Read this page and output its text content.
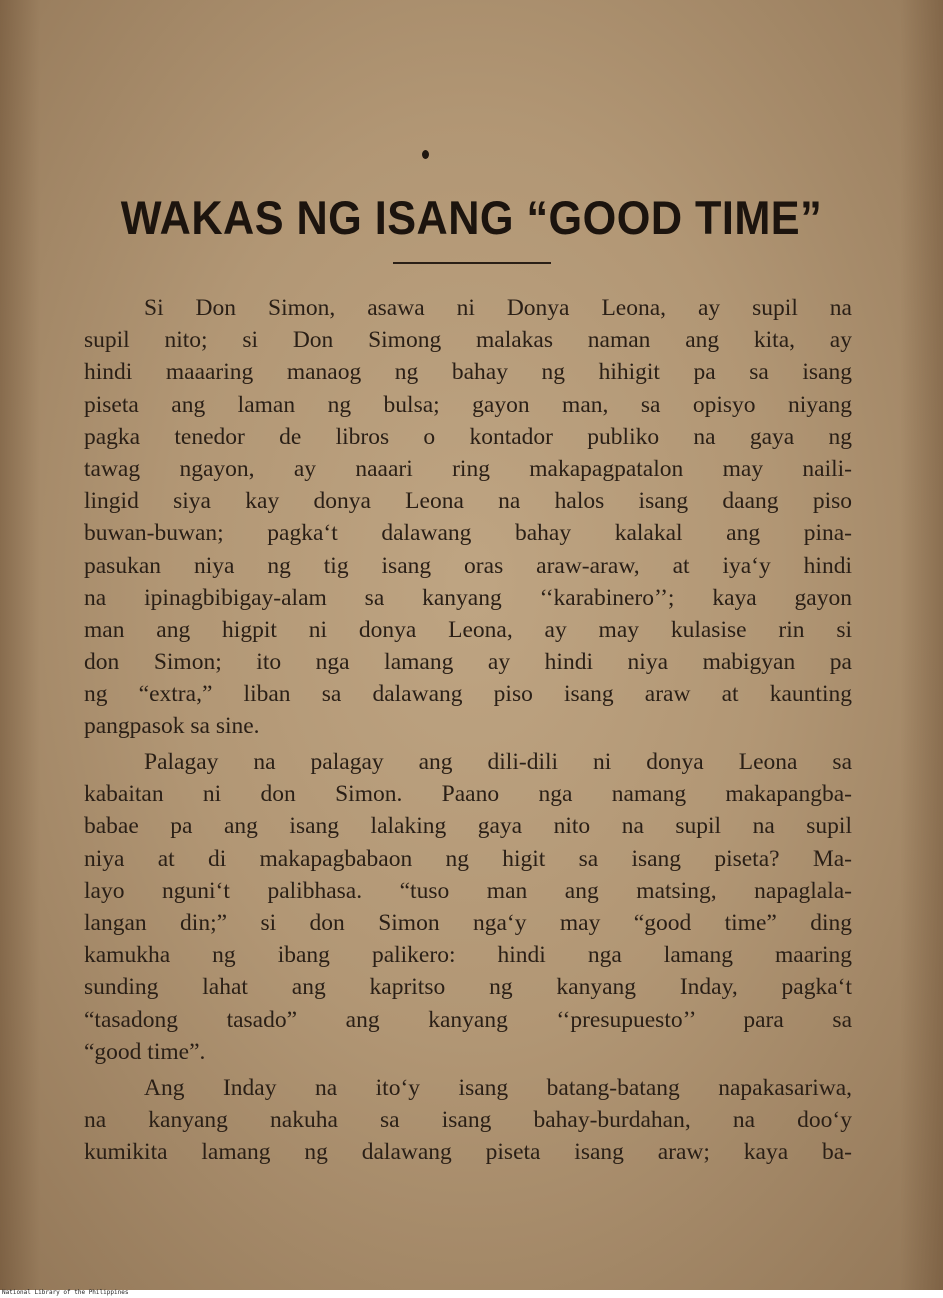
WAKAS NG ISANG “GOOD TIME”
Si Don Simon, asawa ni Donya Leona, ay supil na
supil nito; si Don Simong malakas naman ang kita, ay
hindi maaaring manaog ng bahay ng hihigit pa sa isang
piseta ang laman ng bulsa; gayon man, sa opisyo niyang
pagka tenedor de libros o kontador publiko na gaya ng
tawag ngayon, ay naaari ring makapagpatalon may naili-
lingid siya kay donya Leona na halos isang daang piso
buwan-buwan; pagka‘t dalawang bahay kalakal ang pina-
pasukan niya ng tig isang oras araw-araw, at iya‘y hindi
na ipinagbibigay-alam sa kanyang ‘‘karabinero’’; kaya gayon
man ang higpit ni donya Leona, ay may kulasise rin si
don Simon; ito nga lamang ay hindi niya mabigyan pa
ng “extra,” liban sa dalawang piso isang araw at kaunting
pangpasok sa sine.
Palagay na palagay ang dili-dili ni donya Leona sa
kabaitan ni don Simon. Paano nga namang makapangba-
babae pa ang isang lalaking gaya nito na supil na supil
niya at di makapagbabaon ng higit sa isang piseta? Ma-
layo nguni‘t palibhasa. “tuso man ang matsing, napaglala-
langan din;” si don Simon nga‘y may “good time” ding
kamukha ng ibang palikero: hindi nga lamang maaring
sunding lahat ang kapritso ng kanyang Inday, pagka‘t
“tasadong tasado” ang kanyang ‘‘presupuesto’’ para sa
“good time”.
Ang Inday na ito‘y isang batang-batang napakasariwa,
na kanyang nakuha sa isang bahay-burdahan, na doo‘y
kumikita lamang ng dalawang piseta isang araw; kaya ba-
National Library of the Philippines
